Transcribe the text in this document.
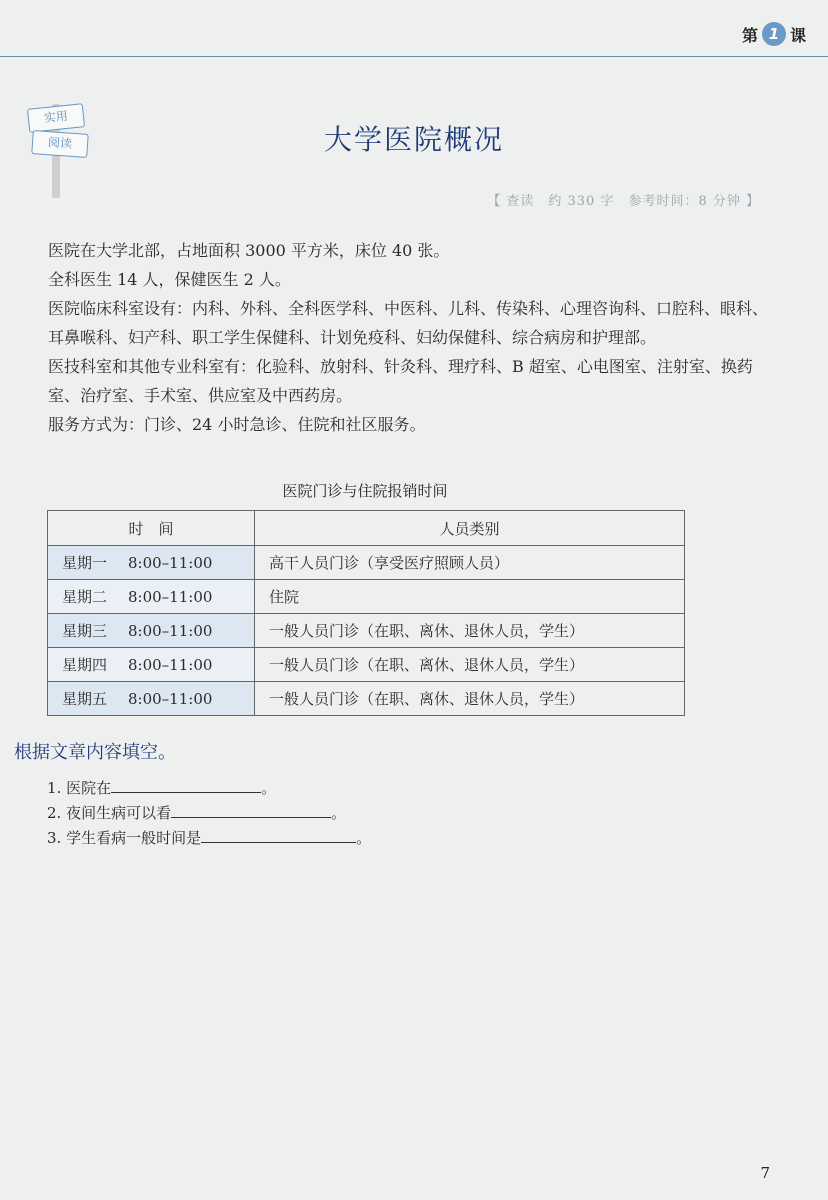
第 1 课
实用
阅读	大学医院概况
【 查读　约 330 字　参考时间：8 分钟 】

医院在大学北部，占地面积 3000 平方米，床位 40 张。

全科医生 14 人，保健医生 2 人。

医院临床科室设有：内科、外科、全科医学科、中医科、儿科、传染科、心理咨询科、口腔科、眼科、耳鼻喉科、妇产科、职工学生保健科、计划免疫科、妇幼保健科、综合病房和护理部。

医技科室和其他专业科室有：化验科、放射科、针灸科、理疗科、B 超室、心电图室、注射室、换药室、治疗室、手术室、供应室及中西药房。

服务方式为：门诊、24 小时急诊、住院和社区服务。

医院门诊与住院报销时间
时　间	人员类别
星期一 8:00–11:00	高干人员门诊（享受医疗照顾人员）
星期二 8:00–11:00	住院
星期三 8:00–11:00	一般人员门诊（在职、离休、退休人员，学生）
星期四 8:00–11:00	一般人员门诊（在职、离休、退休人员，学生）
星期五 8:00–11:00	一般人员门诊（在职、离休、退休人员，学生）
根据文章内容填空。
1. 医院在	。
2. 夜间生病可以看	。
3. 学生看病一般时间是	。
7
